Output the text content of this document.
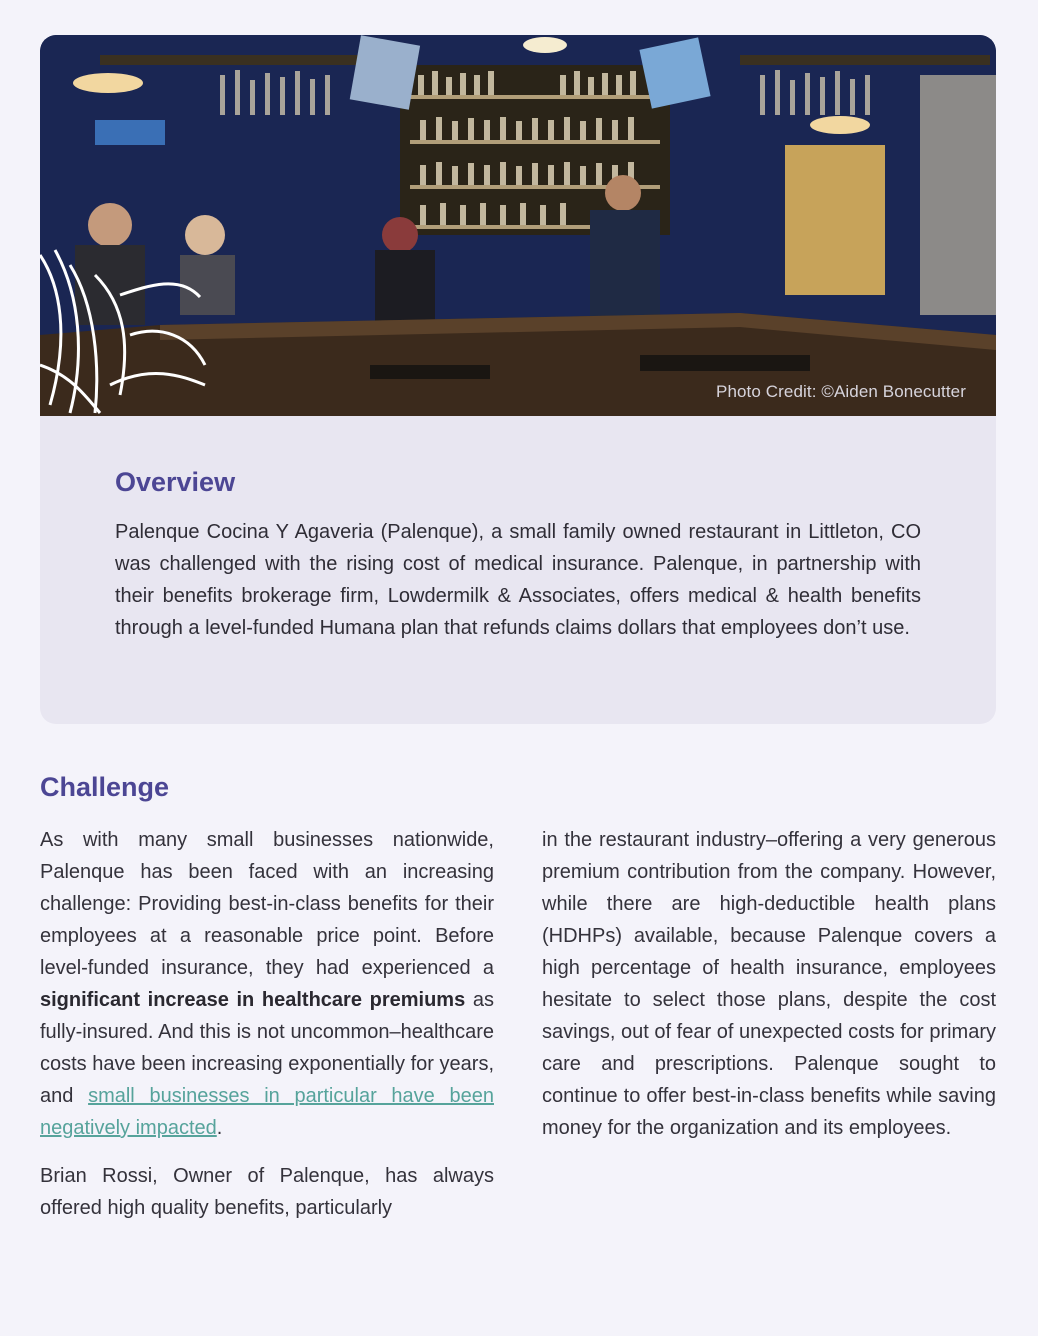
Photo Credit: ©Aiden Bonecutter
Overview

Palenque Cocina Y Agaveria (Palenque), a small family owned restaurant in Littleton, CO was challenged with the rising cost of medical insurance. Palenque, in partnership with their benefits brokerage firm, Lowdermilk & Associates, offers medical & health benefits through a level-funded Humana plan that refunds claims dollars that employees don’t use.

Challenge

As with many small businesses nationwide, Palenque has been faced with an increasing challenge: Providing best-in-class benefits for their employees at a reasonable price point. Before level-funded insurance, they had experienced a significant increase in healthcare premiums as fully-insured. And this is not uncommon–healthcare costs have been increasing exponentially for years, and small businesses in particular have been negatively impacted.

Brian Rossi, Owner of Palenque, has always offered high quality benefits, particularly

in the restaurant industry–offering a very generous premium contribution from the company. However, while there are high-deductible health plans (HDHPs) available, because Palenque covers a high percentage of health insurance, employees hesitate to select those plans, despite the cost savings, out of fear of unexpected costs for primary care and prescriptions. Palenque sought to continue to offer best-in-class benefits while saving money for the organization and its employees.
